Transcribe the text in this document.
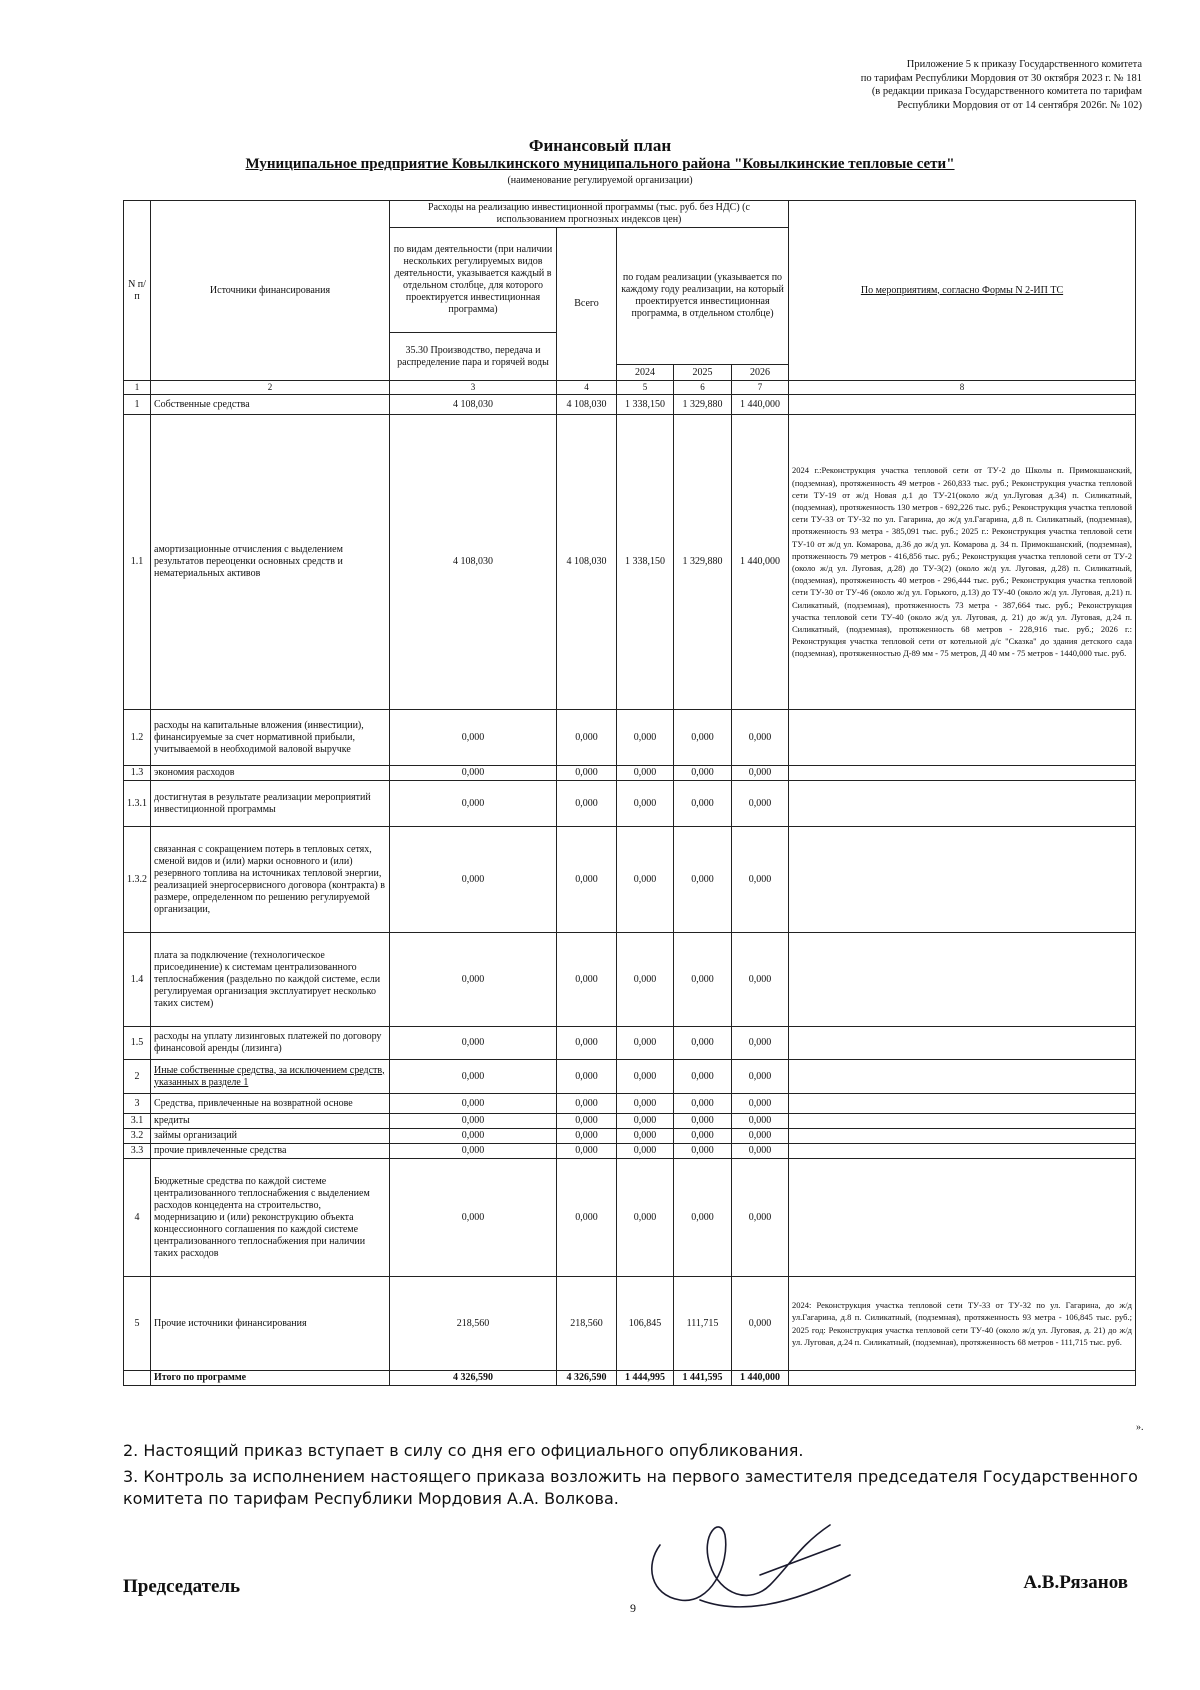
Приложение 5 к приказу Государственного комитета
по тарифам Республики Мордовия от 30 октября 2023 г. № 181
(в редакции приказа Государственного комитета по тарифам
Республики Мордовия от от 14 сентября 2026г. № 102)
Финансовый план
Муниципальное предприятие Ковылкинского муниципального района "Ковылкинские тепловые сети"
(наименование регулируемой организации)
N п/п	Источники финансирования	Расходы на реализацию инвестиционной программы (тыс. руб. без НДС) (с использованием прогнозных индексов цен)					По мероприятиям, согласно Формы N 2-ИП ТС
		по видам деятельности (при наличии нескольких регулируемых видов деятельности, указывается каждый в отдельном столбце, для которого проектируется инвестиционная программа)	Всего	по годам реализации (указывается по каждому году реализации, на который проектируется инвестиционная программа, в отдельном столбце)			
		35.30 Производство, передача и распределение пара и горячей воды					
				2024	2025	2026	
1	2	3	4	5	6	7	8
1	Собственные средства	4 108,030	4 108,030	1 338,150	1 329,880	1 440,000	
1.1	амортизационные отчисления с выделением результатов переоценки основных средств и нематериальных активов	4 108,030	4 108,030	1 338,150	1 329,880	1 440,000	2024 г.:Реконструкция участка тепловой сети от ТУ-2 до Школы п. Примокшанский, (подземная), протяженность 49 метров - 260,833 тыс. руб.; Реконструкция участка тепловой сети ТУ-19 от ж/д Новая д.1 до ТУ-21(около ж/д ул.Луговая д.34) п. Силикатный, (подземная), протяженность 130 метров - 692,226 тыс. руб.; Реконструкция участка тепловой сети ТУ-33 от ТУ-32 по ул. Гагарина, до ж/д ул.Гагарина, д.8 п. Силикатный, (подземная), протяженность 93 метра - 385,091 тыс. руб.; 2025 г.: Реконструкция участка тепловой сети ТУ-10 от ж/д ул. Комарова, д.36 до ж/д ул. Комарова д. 34 п. Примокшанский, (подземная), протяженность 79 метров - 416,856 тыс. руб.; Реконструкция участка тепловой сети от ТУ-2 (около ж/д ул. Луговая, д.28) до ТУ-3(2) (около ж/д ул. Луговая, д.28) п. Силикатный, (подземная), протяженность 40 метров - 296,444 тыс. руб.; Реконструкция участка тепловой сети ТУ-30 от ТУ-46 (около ж/д ул. Горького, д.13) до ТУ-40 (около ж/д ул. Луговая, д.21) п. Силикатный, (подземная), протяженность 73 метра - 387,664 тыс. руб.; Реконструкция участка тепловой сети ТУ-40 (около ж/д ул. Луговая, д. 21) до ж/д ул. Луговая, д.24 п. Силикатный, (подземная), протяженность 68 метров - 228,916 тыс. руб.; 2026 г.: Реконструкция участка тепловой сети от котельной д/с "Сказка" до здания детского сада (подземная), протяженностью Д-89 мм - 75 метров, Д 40 мм - 75 метров - 1440,000 тыс. руб.
1.2	расходы на капитальные вложения (инвестиции), финансируемые за счет нормативной прибыли, учитываемой в необходимой валовой выручке	0,000	0,000	0,000	0,000	0,000	
1.3	экономия расходов	0,000	0,000	0,000	0,000	0,000	
1.3.1	достигнутая в результате реализации мероприятий инвестиционной программы	0,000	0,000	0,000	0,000	0,000	
1.3.2	связанная с сокращением потерь в тепловых сетях, сменой видов и (или) марки основного и (или) резервного топлива на источниках тепловой энергии, реализацией энергосервисного договора (контракта) в размере, определенном по решению регулируемой организации,	0,000	0,000	0,000	0,000	0,000	
1.4	плата за подключение (технологическое присоединение) к системам централизованного теплоснабжения (раздельно по каждой системе, если регулируемая организация эксплуатирует несколько таких систем)	0,000	0,000	0,000	0,000	0,000	
1.5	расходы на уплату лизинговых платежей по договору финансовой аренды (лизинга)	0,000	0,000	0,000	0,000	0,000	
2	Иные собственные средства, за исключением средств, указанных в разделе 1	0,000	0,000	0,000	0,000	0,000	
3	Средства, привлеченные на возвратной основе	0,000	0,000	0,000	0,000	0,000	
3.1	кредиты	0,000	0,000	0,000	0,000	0,000	
3.2	займы организаций	0,000	0,000	0,000	0,000	0,000	
3.3	прочие привлеченные средства	0,000	0,000	0,000	0,000	0,000	
4	Бюджетные средства по каждой системе централизованного теплоснабжения с выделением расходов концедента на строительство, модернизацию и (или) реконструкцию объекта концессионного соглашения по каждой системе централизованного теплоснабжения при наличии таких расходов	0,000	0,000	0,000	0,000	0,000	
5	Прочие источники финансирования	218,560	218,560	106,845	111,715	0,000	2024: Реконструкция участка тепловой сети ТУ-33 от ТУ-32 по ул. Гагарина, до ж/д ул.Гагарина, д.8 п. Силикатный, (подземная), протяженность 93 метра - 106,845 тыс. руб.; 2025 год: Реконструкция участка тепловой сети ТУ-40 (около ж/д ул. Луговая, д. 21) до ж/д ул. Луговая, д.24 п. Силикатный, (подземная), протяженность 68 метров - 111,715 тыс. руб.
	Итого по программе	4 326,590	4 326,590	1 444,995	1 441,595	1 440,000	
».
2. Настоящий приказ вступает в силу со дня его официального опубликования.
3. Контроль за исполнением настоящего приказа возложить на первого заместителя председателя Государственного комитета по тарифам Республики Мордовия А.А. Волкова.
Председатель	А.В.Рязанов
9
